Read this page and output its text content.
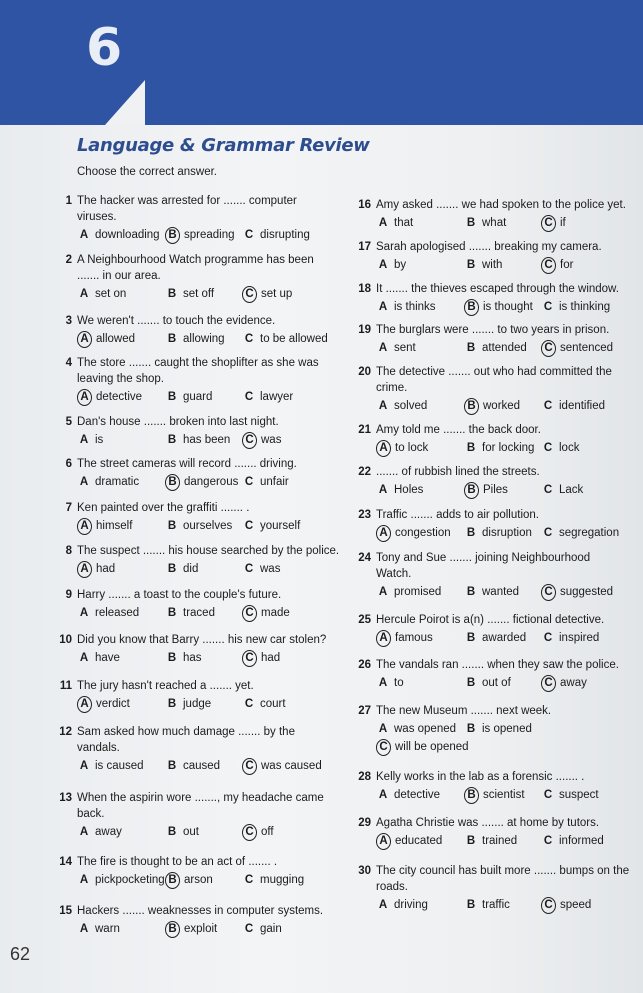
6
Language & Grammar Review
Choose the correct answer.
1 The hacker was arrested for ....... computer
viruses.
A downloading B spreading C disrupting
2 A Neighbourhood Watch programme has been
....... in our area.
A set on	B set off	C set up
3 We weren't ....... to touch the evidence.
A allowed	B allowing C to be allowed
4 The store ....... caught the shoplifter as she was
leaving the shop.
A detective B guard	C lawyer
5 Dan's house ....... broken into last night.
A is	B has been C was
6 The street cameras will record ....... driving.
A dramatic	B dangerous C unfair
7 Ken painted over the graffiti ....... .
A himself	B ourselves C yourself
8 The suspect ....... his house searched by the police.
A had	B did	C was
9 Harry ....... a toast to the couple's future.
A released B traced	C made
10 Did you know that Barry ....... his new car stolen?
A have	B has	C had
11 The jury hasn't reached a ....... yet.
A verdict	B judge	C court
12 Sam asked how much damage ....... by the
vandals.
A is caused B caused C was caused
13 When the aspirin wore ......., my headache came
back.
A away	B out	C off
14 The fire is thought to be an act of ....... .
A pickpocketing B arson	C mugging
15 Hackers ....... weaknesses in computer systems.
A warn	B exploit C gain
16 Amy asked ....... we had spoken to the police yet.
A that	B what	C if
17 Sarah apologised ....... breaking my camera.
A by	B with	C for
18 It ....... the thieves escaped through the window.
A is thinks	B is thought C is thinking
19 The burglars were ....... to two years in prison.
A sent	B attended C sentenced
20 The detective ....... out who had committed the
crime.
A solved	B worked C identified
21 Amy told me ....... the back door.
A to lock	B for locking C lock
22 ....... of rubbish lined the streets.
A Holes	B Piles	C Lack
23 Traffic ....... adds to air pollution.
A congestion B disruption C segregation
24 Tony and Sue ....... joining Neighbourhood
Watch.
A promised B wanted C suggested
25 Hercule Poirot is a(n) ....... fictional detective.
A famous	B awarded C inspired
26 The vandals ran ....... when they saw the police.
A to	B out of	C away
27 The new Museum ....... next week.
A was opened B is opened
C will be opened
28 Kelly works in the lab as a forensic ....... .
A detective B scientist C suspect
29 Agatha Christie was ....... at home by tutors.
A educated B trained C informed
30 The city council has built more ....... bumps on the
roads.
A driving	B traffic	C speed
62
